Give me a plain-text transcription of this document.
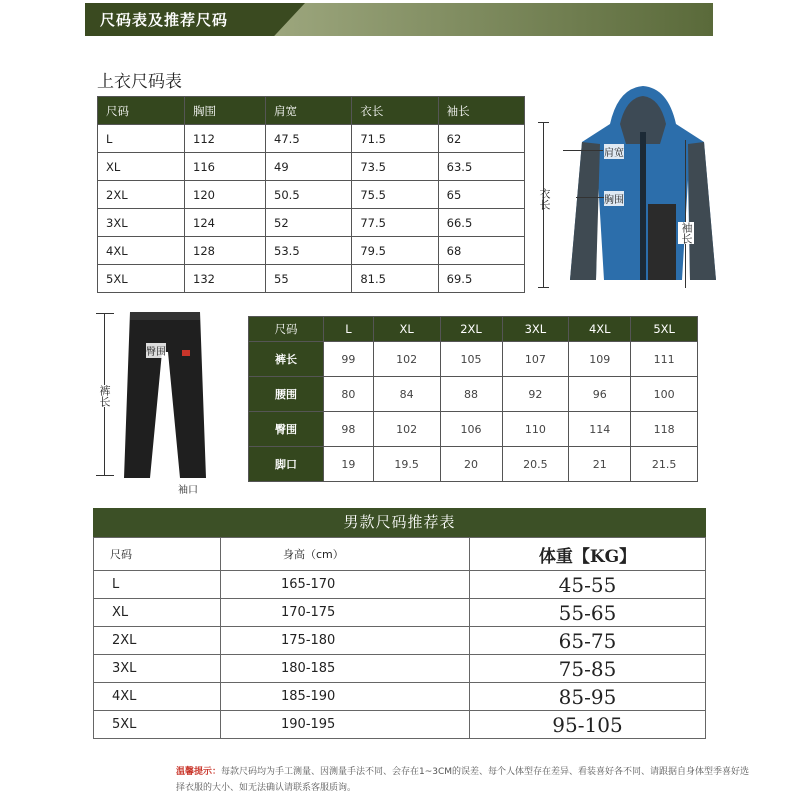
尺码表及推荐尺码
上衣尺码表
尺码	胸围	肩宽	衣长	袖长
L	112	47.5	71.5	62
XL	116	49	73.5	63.5
2XL	120	50.5	75.5	65
3XL	124	52	77.5	66.5
4XL	128	53.5	79.5	68
5XL	132	55	81.5	69.5
衣长
肩宽
胸围
袖长
裤长
臀围
袖口
尺码	L	XL	2XL	3XL	4XL	5XL
裤长	99	102	105	107	109	111
腰围	80	84	88	92	96	100
臀围	98	102	106	110	114	118
脚口	19	19.5	20	20.5	21	21.5
男款尺码推荐表
尺码	身高（cm）	体重【KG】
L	165-170	45-55
XL	170-175	55-65
2XL	175-180	65-75
3XL	180-185	75-85
4XL	185-190	85-95
5XL	190-195	95-105
温馨提示：每款尺码均为手工测量、因测量手法不同、会存在1~3CM的误差、每个人体型存在差异、看装喜好各不同、请跟据自身体型季喜好选择衣服的大小、如无法确认请联系客服质询。
